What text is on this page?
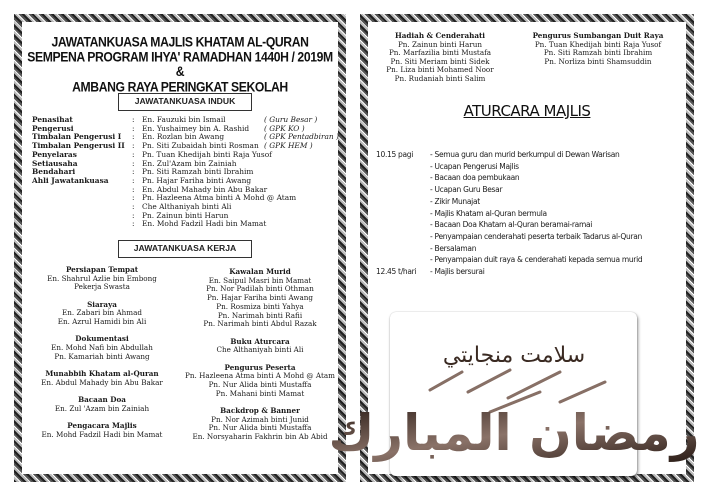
JAWATANKUASA MAJLIS KHATAM AL-QURAN
SEMPENA PROGRAM IHYA' RAMADHAN 1440H / 2019M &
AMBANG RAYA PERINGKAT SEKOLAH
JAWATANKUASA INDUK
Penasihat	:	En. Fauzuki bin Ismail	( Guru Besar )
Pengerusi	:	En. Yushaimey bin A. Rashid	( GPK KO )
Timbalan Pengerusi I	:	En. Rozlan bin Awang	( GPK Pentadbiran )
Timbalan Pengerusi II :	Pn. Siti Zubaidah binti Rosman ( GPK HEM )
Penyelaras	:	Pn. Tuan Khedijah binti Raja Yusof
Setiausaha	:	En. Zul'Azam bin Zainiah
Bendahari	:	Pn. Siti Ramzah binti Ibrahim
Ahli Jawatankuasa	:	Pn. Hajar Fariha binti Awang
:	En. Abdul Mahady bin Abu Bakar
:	Pn. Hazleena Atma binti A Mohd @ Atam
:	Che Althaniyah binti Ali
:	Pn. Zainun binti Harun
:	En. Mohd Fadzil Hadi bin Mamat
JAWATANKUASA KERJA
Persiapan Tempat
En. Shahrul Azlie bin Embong
Pekerja Swasta
Siaraya
En. Zabari bin Ahmad
En. Azrul Hamidi bin Ali
Dokumentasi
En. Mohd Nafi bin Abdullah
Pn. Kamariah binti Awang
Munabbih Khatam al-Quran
En. Abdul Mahady bin Abu Bakar
Bacaan Doa
En. Zul 'Azam bin Zainiah
Pengacara Majlis
En. Mohd Fadzil Hadi bin Mamat
Kawalan Murid
En. Saipul Masri bin Mamat
Pn. Nor Padilah binti Othman
Pn. Hajar Fariha binti Awang
Pn. Rosmiza binti Yahya
Pn. Narimah binti Rafii
Pn. Narimah binti Abdul Razak
Buku Aturcara
Che Althaniyah binti Ali
Pengurus Peserta
Pn. Hazleena Atma binti A Mohd @ Atam
Pn. Nur Alida binti Mustaffa
Pn. Mahani binti Mamat
Backdrop & Banner
Pn. Nor Azimah binti Junid
Pn. Nur Alida binti Mustaffa
En. Norsyaharin Fakhrin bin Ab Abid
Hadiah & Cenderahati
Pn. Zainun binti Harun
Pn. Marfazilia binti Mustafa
Pn. Siti Meriam binti Sidek
Pn. Liza binti Mohamed Noor
Pn. Rudaniah binti Salim
Pengurus Sumbangan Duit Raya
Pn. Tuan Khedijah binti Raja Yusof
Pn. Siti Ramzah binti Ibrahim
Pn. Norliza binti Shamsuddin
ATURCARA MAJLIS
10.15 pagi	- Semua guru dan murid berkumpul di Dewan Warisan
- Ucapan Pengerusi Majlis
- Bacaan doa pembukaan
- Ucapan Guru Besar
- Zikir Munajat
- Majlis Khatam al-Quran bermula
- Bacaan Doa Khatam al-Quran beramai-ramai
- Penyampaian cenderahati peserta terbaik Tadarus al-Quran
- Bersalaman
- Penyampaian duit raya & cenderahati kepada semua murid
12.45 t/hari	- Majlis bersurai
سلامت منجايتي
رمضان المبارك
